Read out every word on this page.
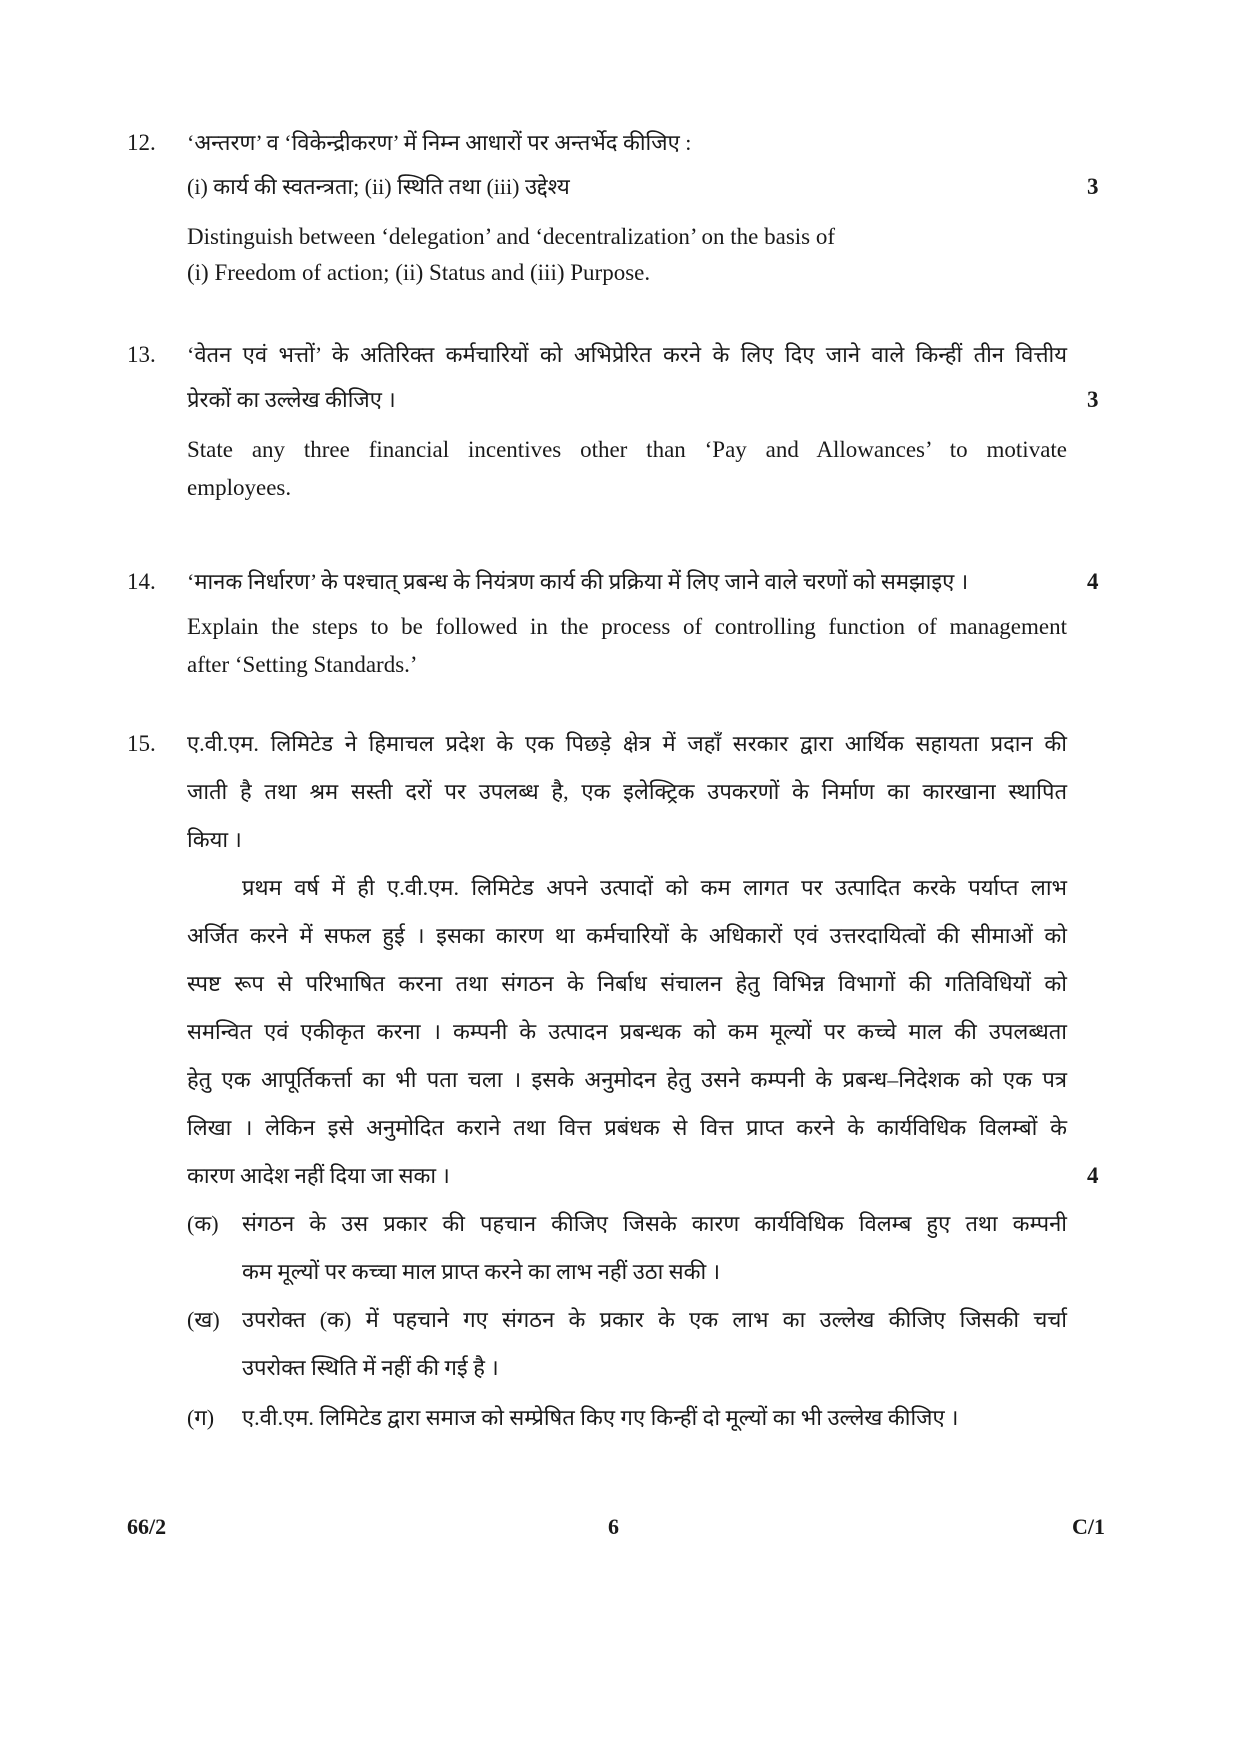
12. ‘अन्तरण’ व ‘विकेन्द्रीकरण’ में निम्न आधारों पर अन्तर्भेद कीजिए :
(i) कार्य की स्वतन्त्रता; (ii) स्थिति तथा (iii) उद्देश्य	3
Distinguish between ‘delegation’ and ‘decentralization’ on the basis of
(i) Freedom of action; (ii) Status and (iii) Purpose.
13. ‘वेतन एवं भत्तों’ के अतिरिक्त कर्मचारियों को अभिप्रेरित करने के लिए दिए जाने वाले किन्हीं तीन वित्तीय
प्रेरकों का उल्लेख कीजिए ।	3
State any three financial incentives other than ‘Pay and Allowances’ to motivate
employees.
14. ‘मानक निर्धारण’ के पश्चात् प्रबन्ध के नियंत्रण कार्य की प्रक्रिया में लिए जाने वाले चरणों को समझाइए ।	4
Explain the steps to be followed in the process of controlling function of management
after ‘Setting Standards.’
15. ए.वी.एम. लिमिटेड ने हिमाचल प्रदेश के एक पिछड़े क्षेत्र में जहाँ सरकार द्वारा आर्थिक सहायता प्रदान की
जाती है तथा श्रम सस्ती दरों पर उपलब्ध है, एक इलेक्ट्रिक उपकरणों के निर्माण का कारखाना स्थापित
किया ।
प्रथम वर्ष में ही ए.वी.एम. लिमिटेड अपने उत्पादों को कम लागत पर उत्पादित करके पर्याप्त लाभ
अर्जित करने में सफल हुई । इसका कारण था कर्मचारियों के अधिकारों एवं उत्तरदायित्वों की सीमाओं को
स्पष्ट रूप से परिभाषित करना तथा संगठन के निर्बाध संचालन हेतु विभिन्न विभागों की गतिविधियों को
समन्वित एवं एकीकृत करना । कम्पनी के उत्पादन प्रबन्धक को कम मूल्यों पर कच्चे माल की उपलब्धता
हेतु एक आपूर्तिकर्त्ता का भी पता चला । इसके अनुमोदन हेतु उसने कम्पनी के प्रबन्ध–निदेशक को एक पत्र
लिखा । लेकिन इसे अनुमोदित कराने तथा वित्त प्रबंधक से वित्त प्राप्त करने के कार्यविधिक विलम्बों के
कारण आदेश नहीं दिया जा सका ।	4
(क) संगठन के उस प्रकार की पहचान कीजिए जिसके कारण कार्यविधिक विलम्ब हुए तथा कम्पनी
कम मूल्यों पर कच्चा माल प्राप्त करने का लाभ नहीं उठा सकी ।
(ख) उपरोक्त (क) में पहचाने गए संगठन के प्रकार के एक लाभ का उल्लेख कीजिए जिसकी चर्चा
उपरोक्त स्थिति में नहीं की गई है ।
(ग) ए.वी.एम. लिमिटेड द्वारा समाज को सम्प्रेषित किए गए किन्हीं दो मूल्यों का भी उल्लेख कीजिए ।
66/2	6	C/1
